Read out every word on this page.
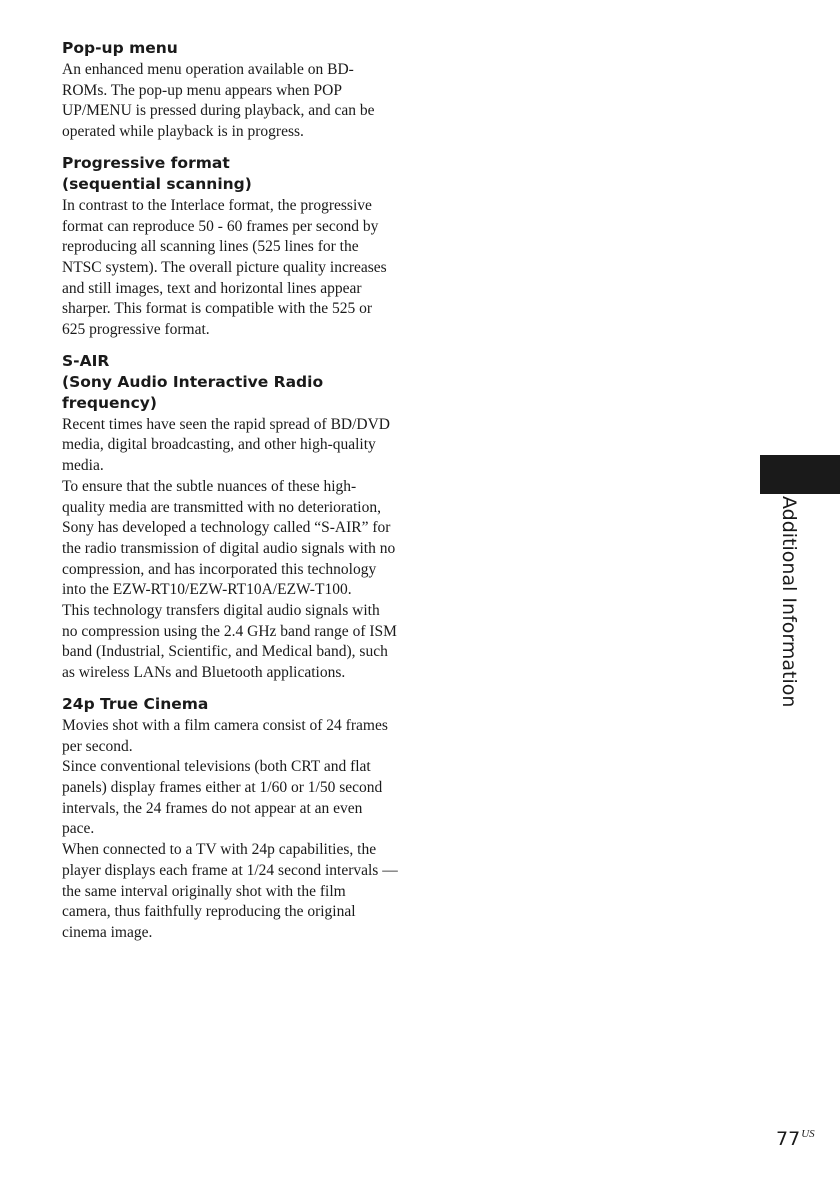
Pop-up menu

An enhanced menu operation available on BD-ROMs. The pop-up menu appears when POP UP/MENU is pressed during playback, and can be operated while playback is in progress.

Progressive format
(sequential scanning)

In contrast to the Interlace format, the progressive format can reproduce 50 - 60 frames per second by reproducing all scanning lines (525 lines for the NTSC system). The overall picture quality increases and still images, text and horizontal lines appear sharper. This format is compatible with the 525 or 625 progressive format.

S-AIR
(Sony Audio Interactive Radio
frequency)

Recent times have seen the rapid spread of BD/DVD media, digital broadcasting, and other high-quality media.

To ensure that the subtle nuances of these high-quality media are transmitted with no deterioration, Sony has developed a technology called “S-AIR” for the radio transmission of digital audio signals with no compression, and has incorporated this technology into the EZW-RT10/EZW-RT10A/EZW-T100.

This technology transfers digital audio signals with no compression using the 2.4 GHz band range of ISM band (Industrial, Scientific, and Medical band), such as wireless LANs and Bluetooth applications.

24p True Cinema

Movies shot with a film camera consist of 24 frames per second.

Since conventional televisions (both CRT and flat panels) display frames either at 1/60 or 1/50 second intervals, the 24 frames do not appear at an even pace.

When connected to a TV with 24p capabilities, the player displays each frame at 1/24 second intervals — the same interval originally shot with the film camera, thus faithfully reproducing the original cinema image.

Additional Information
$77^{US}$
